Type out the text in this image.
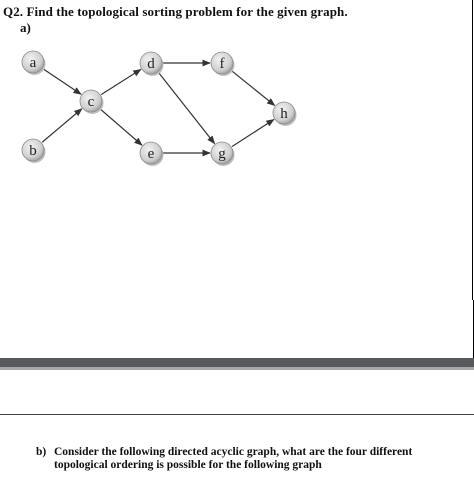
Q2. Find the topological sorting problem for the given graph.
a)
a
b
c
d
e
f
g
h
b) Consider the following directed acyclic graph, what are the four different
topological ordering is possible for the following graph
